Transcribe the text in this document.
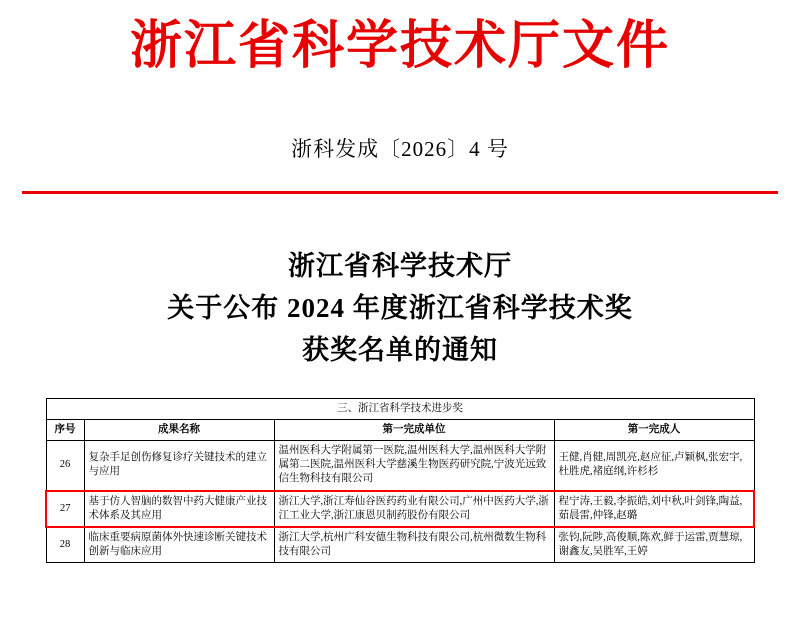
浙江省科学技术厅文件
浙科发成〔2026〕4 号
浙江省科学技术厅
关于公布 2024 年度浙江省科学技术奖
获奖名单的通知
三、浙江省科学技术进步奖			
序号	成果名称	第一完成单位	第一完成人
26	复杂手足创伤修复诊疗关键技术的建立与应用	温州医科大学附属第一医院,温州医科大学,温州医科大学附属第二医院,温州医科大学慈溪生物医药研究院,宁波光远致信生物科技有限公司	王健,肖健,周凯亮,赵应征,卢颖枫,张宏宇,杜胜虎,褚庭纲,许杉杉
27	基于仿人智脑的数智中药大健康产业技术体系及其应用	浙江大学,浙江寿仙谷医药药业有限公司,广州中医药大学,浙江工业大学,浙江康恩贝制药股份有限公司	程宁涛,王毅,李振皓,刘中秋,叶剑锋,陶益,茹晨雷,仲锋,赵璐
28	临床重要病原菌体外快速诊断关键技术创新与临床应用	浙江大学,杭州广科安德生物科技有限公司,杭州微数生物科技有限公司	张钧,阮陟,高俊顺,陈欢,鲜于运雷,贾慧琼,谢鑫友,吴胜军,王婷
